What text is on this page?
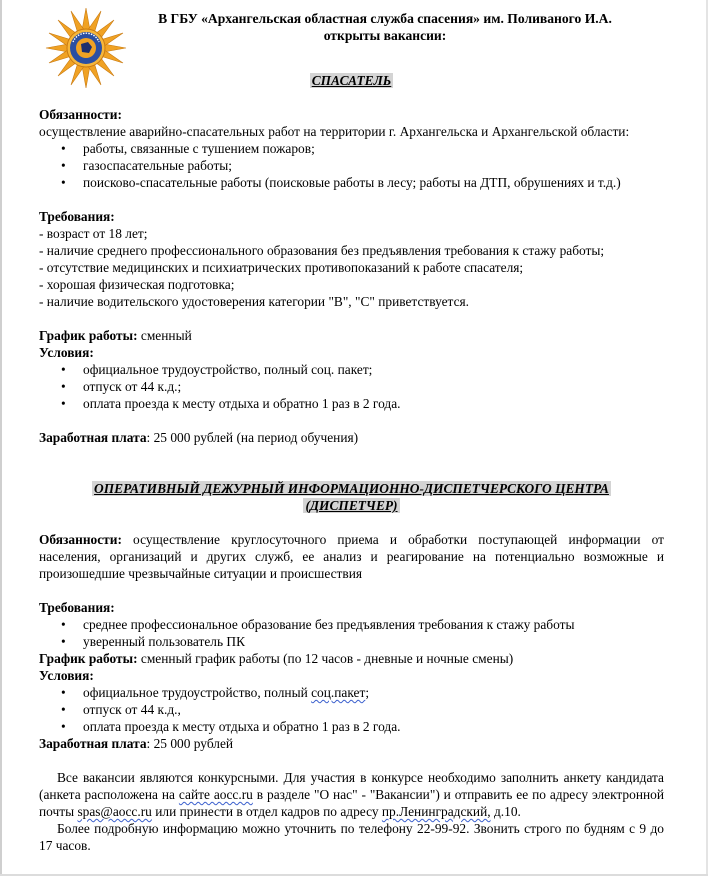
В ГБУ «Архангельская областная служба спасения» им. Поливаного И.А.
открыты вакансии:

СПАСАТЕЛЬ

Обязанности:

осуществление аварийно-спасательных работ на территории г. Архангельска и Архангельской области:

• работы, связанные с тушением пожаров;
• газоспасательные работы;
• поисково-спасательные работы (поисковые работы в лесу; работы на ДТП, обрушениях и т.д.)

Требования:

- возраст от 18 лет;

- наличие среднего профессионального образования без предъявления требования к стажу работы;

- отсутствие медицинских и психиатрических противопоказаний к работе спасателя;

- хорошая физическая подготовка;

- наличие водительского удостоверения категории "В", "С" приветствуется.

График работы: сменный

Условия:

• официальное трудоустройство, полный соц. пакет;
• отпуск от 44 к.д.;
• оплата проезда к месту отдыха и обратно 1 раз в 2 года.

Заработная плата: 25 000 рублей (на период обучения)

ОПЕРАТИВНЫЙ ДЕЖУРНЫЙ ИНФОРМАЦИОННО-ДИСПЕТЧЕРСКОГО ЦЕНТРА
(ДИСПЕТЧЕР)

Обязанности: осуществление круглосуточного приема и обработки поступающей информации от населения, организаций и других служб, ее анализ и реагирование на потенциально возможные и произошедшие чрезвычайные ситуации и происшествия

Требования:

• среднее профессиональное образование без предъявления требования к стажу работы
• уверенный пользователь ПК

График работы: сменный график работы (по 12 часов - дневные и ночные смены)

Условия:

• официальное трудоустройство, полный соц.пакет;
• отпуск от 44 к.д.,
• оплата проезда к месту отдыха и обратно 1 раз в 2 года.

Заработная плата: 25 000 рублей

Все вакансии являются конкурсными. Для участия в конкурсе необходимо заполнить анкету кандидата (анкета расположена на сайте aocc.ru в разделе "О нас" - "Вакансии") и отправить ее по адресу электронной почты spas@aocc.ru или принести в отдел кадров по адресу пр.Ленинградский, д.10.

Более подробную информацию можно уточнить по телефону 22-99-92. Звонить строго по будням с 9 до 17 часов.
